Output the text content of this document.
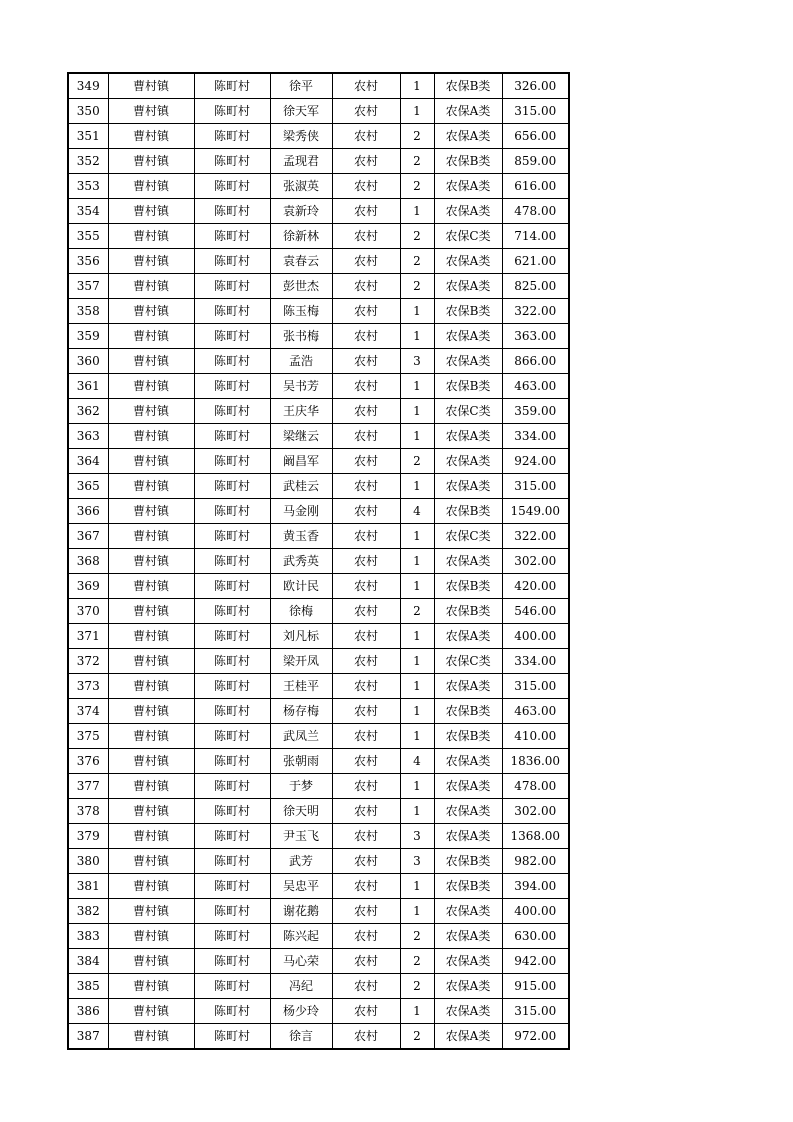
349	曹村镇	陈町村	徐平	农村	1	农保B类	326.00
350	曹村镇	陈町村	徐天军	农村	1	农保A类	315.00
351	曹村镇	陈町村	梁秀侠	农村	2	农保A类	656.00
352	曹村镇	陈町村	孟现君	农村	2	农保B类	859.00
353	曹村镇	陈町村	张淑英	农村	2	农保A类	616.00
354	曹村镇	陈町村	袁新玲	农村	1	农保A类	478.00
355	曹村镇	陈町村	徐新林	农村	2	农保C类	714.00
356	曹村镇	陈町村	袁春云	农村	2	农保A类	621.00
357	曹村镇	陈町村	彭世杰	农村	2	农保A类	825.00
358	曹村镇	陈町村	陈玉梅	农村	1	农保B类	322.00
359	曹村镇	陈町村	张书梅	农村	1	农保A类	363.00
360	曹村镇	陈町村	孟浩	农村	3	农保A类	866.00
361	曹村镇	陈町村	吴书芳	农村	1	农保B类	463.00
362	曹村镇	陈町村	王庆华	农村	1	农保C类	359.00
363	曹村镇	陈町村	梁继云	农村	1	农保A类	334.00
364	曹村镇	陈町村	阚昌军	农村	2	农保A类	924.00
365	曹村镇	陈町村	武桂云	农村	1	农保A类	315.00
366	曹村镇	陈町村	马金刚	农村	4	农保B类	1549.00
367	曹村镇	陈町村	黄玉香	农村	1	农保C类	322.00
368	曹村镇	陈町村	武秀英	农村	1	农保A类	302.00
369	曹村镇	陈町村	欧计民	农村	1	农保B类	420.00
370	曹村镇	陈町村	徐梅	农村	2	农保B类	546.00
371	曹村镇	陈町村	刘凡标	农村	1	农保A类	400.00
372	曹村镇	陈町村	梁开凤	农村	1	农保C类	334.00
373	曹村镇	陈町村	王桂平	农村	1	农保A类	315.00
374	曹村镇	陈町村	杨存梅	农村	1	农保B类	463.00
375	曹村镇	陈町村	武凤兰	农村	1	农保B类	410.00
376	曹村镇	陈町村	张朝雨	农村	4	农保A类	1836.00
377	曹村镇	陈町村	于梦	农村	1	农保A类	478.00
378	曹村镇	陈町村	徐天明	农村	1	农保A类	302.00
379	曹村镇	陈町村	尹玉飞	农村	3	农保A类	1368.00
380	曹村镇	陈町村	武芳	农村	3	农保B类	982.00
381	曹村镇	陈町村	吴忠平	农村	1	农保B类	394.00
382	曹村镇	陈町村	谢花鹅	农村	1	农保A类	400.00
383	曹村镇	陈町村	陈兴起	农村	2	农保A类	630.00
384	曹村镇	陈町村	马心荣	农村	2	农保A类	942.00
385	曹村镇	陈町村	冯纪	农村	2	农保A类	915.00
386	曹村镇	陈町村	杨少玲	农村	1	农保A类	315.00
387	曹村镇	陈町村	徐言	农村	2	农保A类	972.00
